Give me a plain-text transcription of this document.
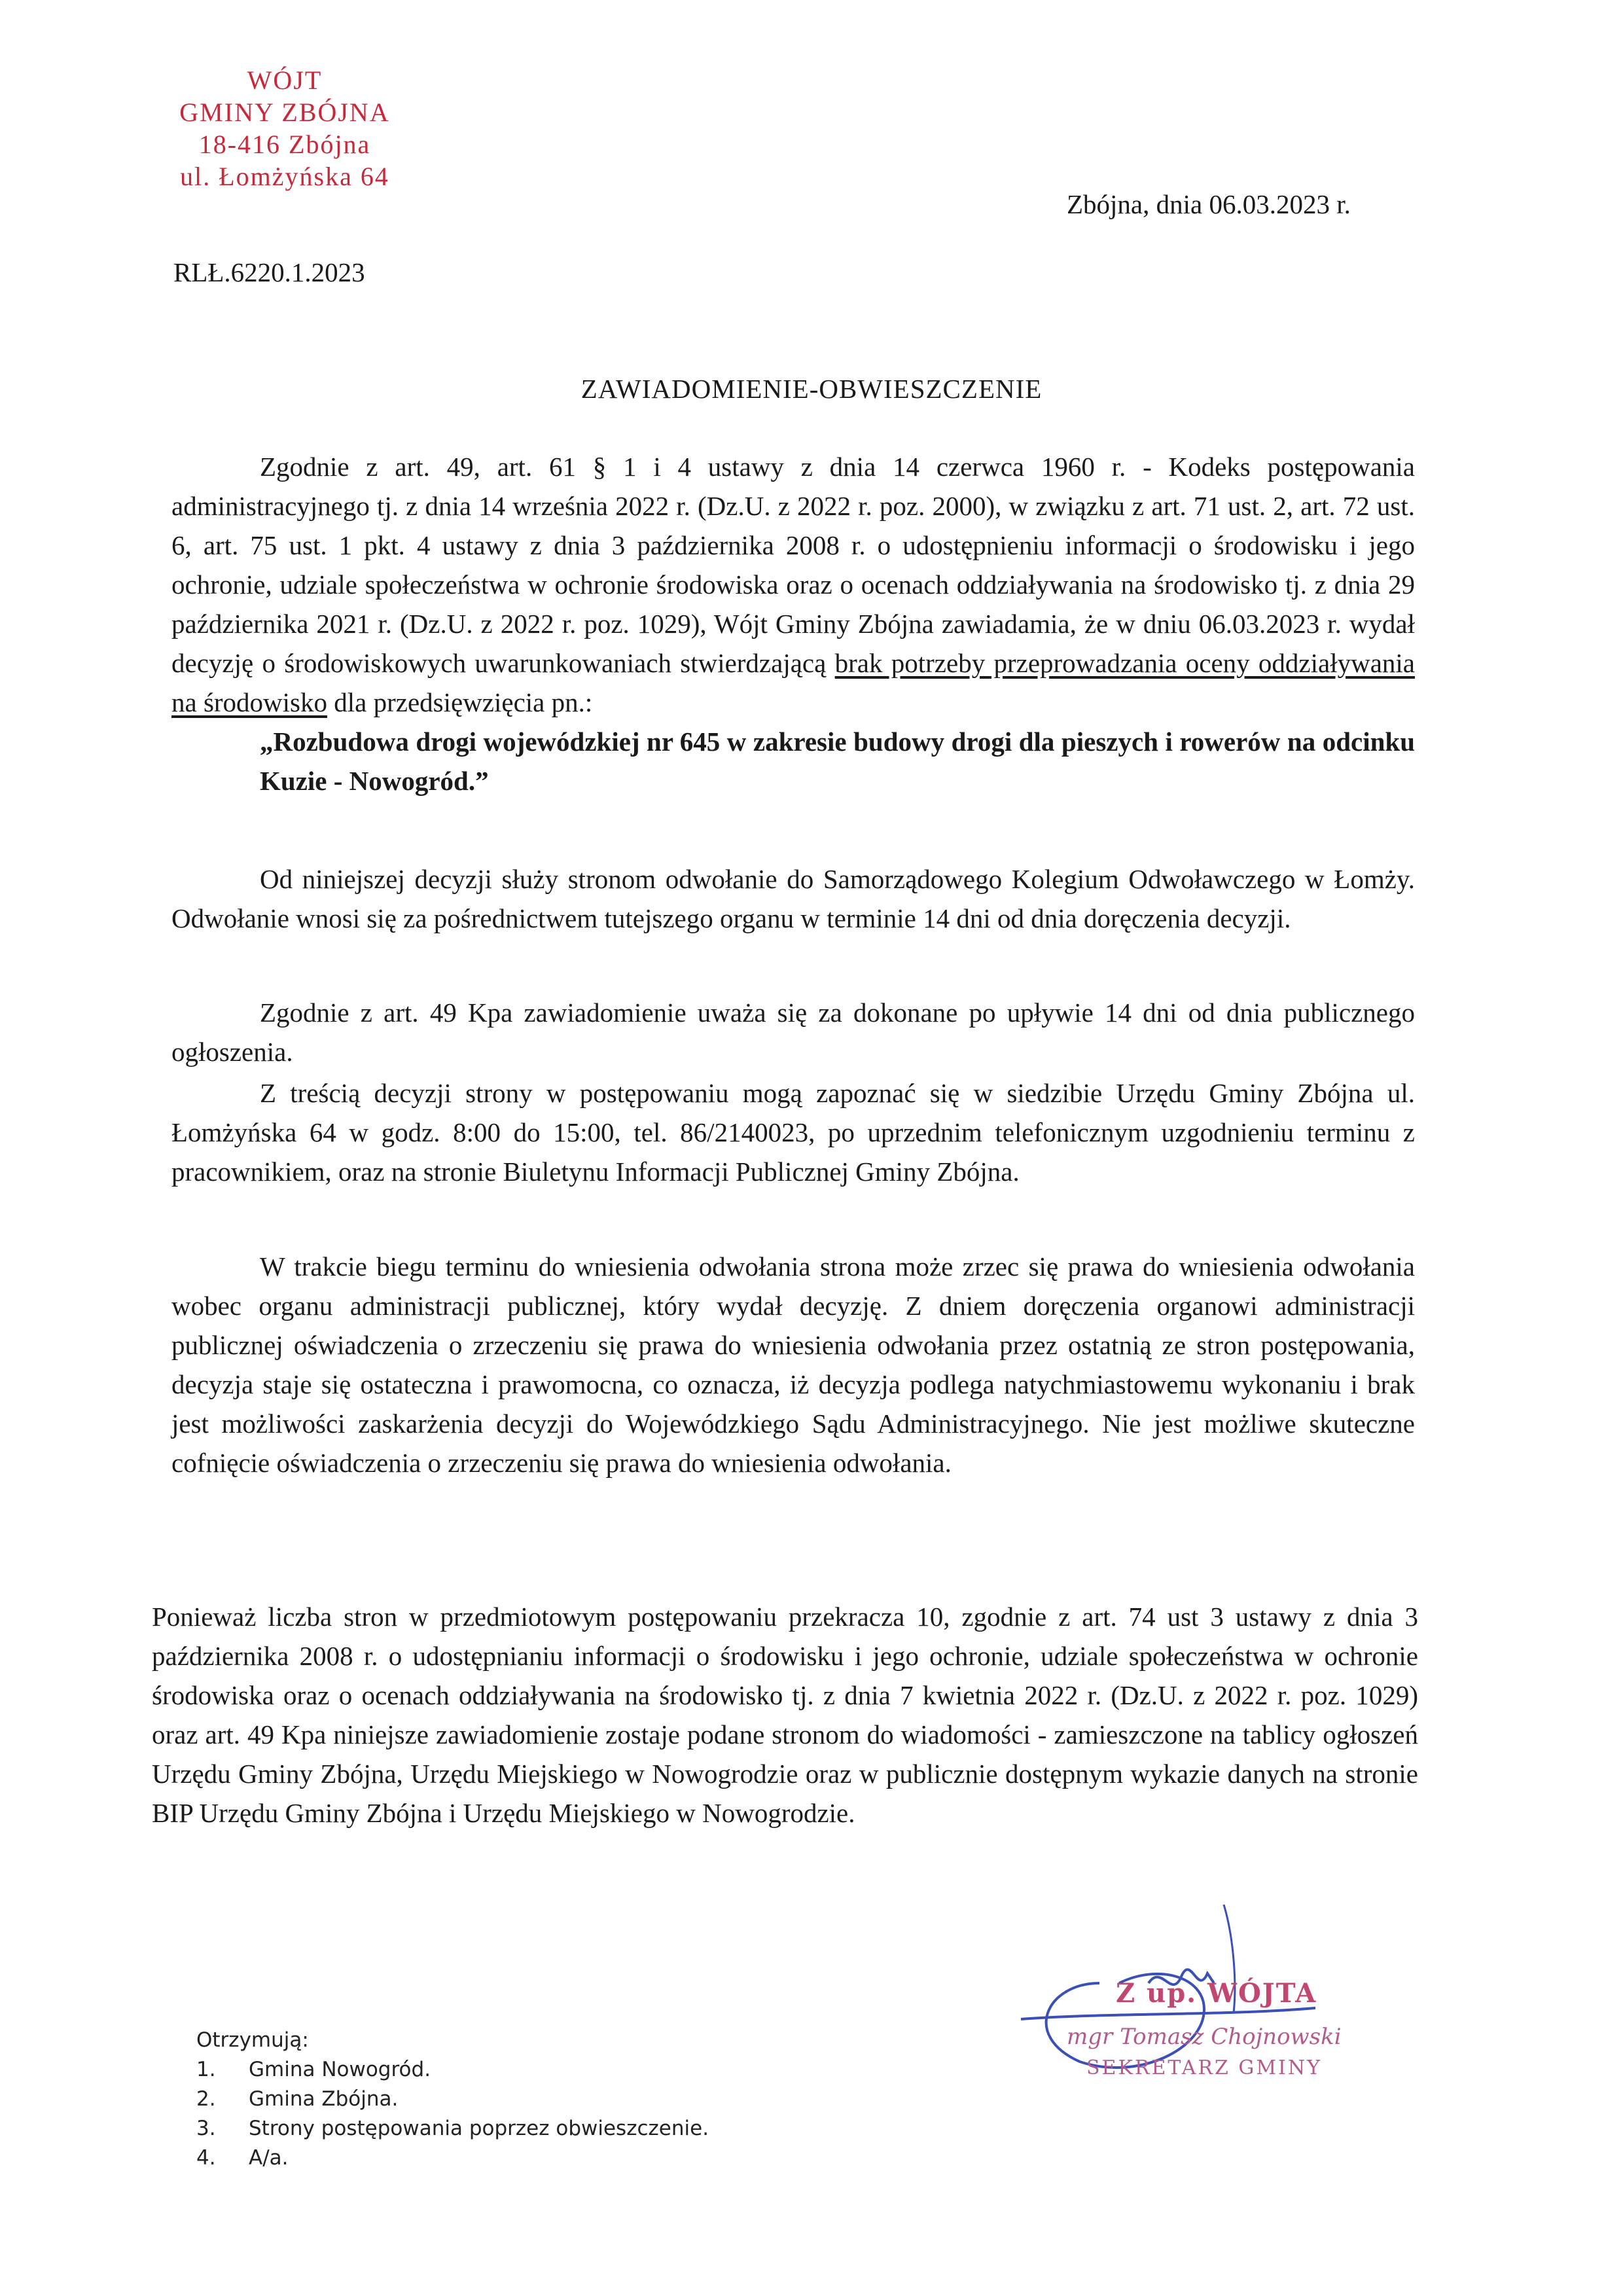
WÓJT
GMINY ZBÓJNA
18-416 Zbójna
ul. Łomżyńska 64
Zbójna, dnia 06.03.2023 r.
RLŁ.6220.1.2023
ZAWIADOMIENIE-OBWIESZCZENIE
Zgodnie z art. 49, art. 61 § 1 i 4 ustawy z dnia 14 czerwca 1960 r. - Kodeks postępowania administracyjnego tj. z dnia 14 września 2022 r. (Dz.U. z 2022 r. poz. 2000), w związku z art. 71 ust. 2, art. 72 ust. 6, art. 75 ust. 1 pkt. 4 ustawy z dnia 3 października 2008 r. o udostępnieniu informacji o środowisku i jego ochronie, udziale społeczeństwa w ochronie środowiska oraz o ocenach oddziaływania na środowisko tj. z dnia 29 października 2021 r. (Dz.U. z 2022 r. poz. 1029), Wójt Gminy Zbójna zawiadamia, że w dniu 06.03.2023 r. wydał decyzję o środowiskowych uwarunkowaniach stwierdzającą brak potrzeby przeprowadzania oceny oddziaływania na środowisko dla przedsięwzięcia pn.:
„Rozbudowa drogi wojewódzkiej nr 645 w zakresie budowy drogi dla pieszych i rowerów na odcinku Kuzie - Nowogród.”
Od niniejszej decyzji służy stronom odwołanie do Samorządowego Kolegium Odwoławczego w Łomży. Odwołanie wnosi się za pośrednictwem tutejszego organu w terminie 14 dni od dnia doręczenia decyzji.
Zgodnie z art. 49 Kpa zawiadomienie uważa się za dokonane po upływie 14 dni od dnia publicznego ogłoszenia.
Z treścią decyzji strony w postępowaniu mogą zapoznać się w siedzibie Urzędu Gminy Zbójna ul. Łomżyńska 64 w godz. 8:00 do 15:00, tel. 86/2140023, po uprzednim telefonicznym uzgodnieniu terminu z pracownikiem, oraz na stronie Biuletynu Informacji Publicznej Gminy Zbójna.
W trakcie biegu terminu do wniesienia odwołania strona może zrzec się prawa do wniesienia odwołania wobec organu administracji publicznej, który wydał decyzję. Z dniem doręczenia organowi administracji publicznej oświadczenia o zrzeczeniu się prawa do wniesienia odwołania przez ostatnią ze stron postępowania, decyzja staje się ostateczna i prawomocna, co oznacza, iż decyzja podlega natychmiastowemu wykonaniu i brak jest możliwości zaskarżenia decyzji do Wojewódzkiego Sądu Administracyjnego. Nie jest możliwe skuteczne cofnięcie oświadczenia o zrzeczeniu się prawa do wniesienia odwołania.
Ponieważ liczba stron w przedmiotowym postępowaniu przekracza 10, zgodnie z art. 74 ust 3 ustawy z dnia 3 października 2008 r. o udostępnianiu informacji o środowisku i jego ochronie, udziale społeczeństwa w ochronie środowiska oraz o ocenach oddziaływania na środowisko tj. z dnia 7 kwietnia 2022 r. (Dz.U. z 2022 r. poz. 1029) oraz art. 49 Kpa niniejsze zawiadomienie zostaje podane stronom do wiadomości - zamieszczone na tablicy ogłoszeń Urzędu Gminy Zbójna, Urzędu Miejskiego w Nowogrodzie oraz w publicznie dostępnym wykazie danych na stronie BIP Urzędu Gminy Zbójna i Urzędu Miejskiego w Nowogrodzie.
Z up. WÓJTA
mgr Tomasz Chojnowski
SEKRETARZ GMINY
Otrzymują:
1. Gmina Nowogród.
2. Gmina Zbójna.
3. Strony postępowania poprzez obwieszczenie.
4. A/a.
